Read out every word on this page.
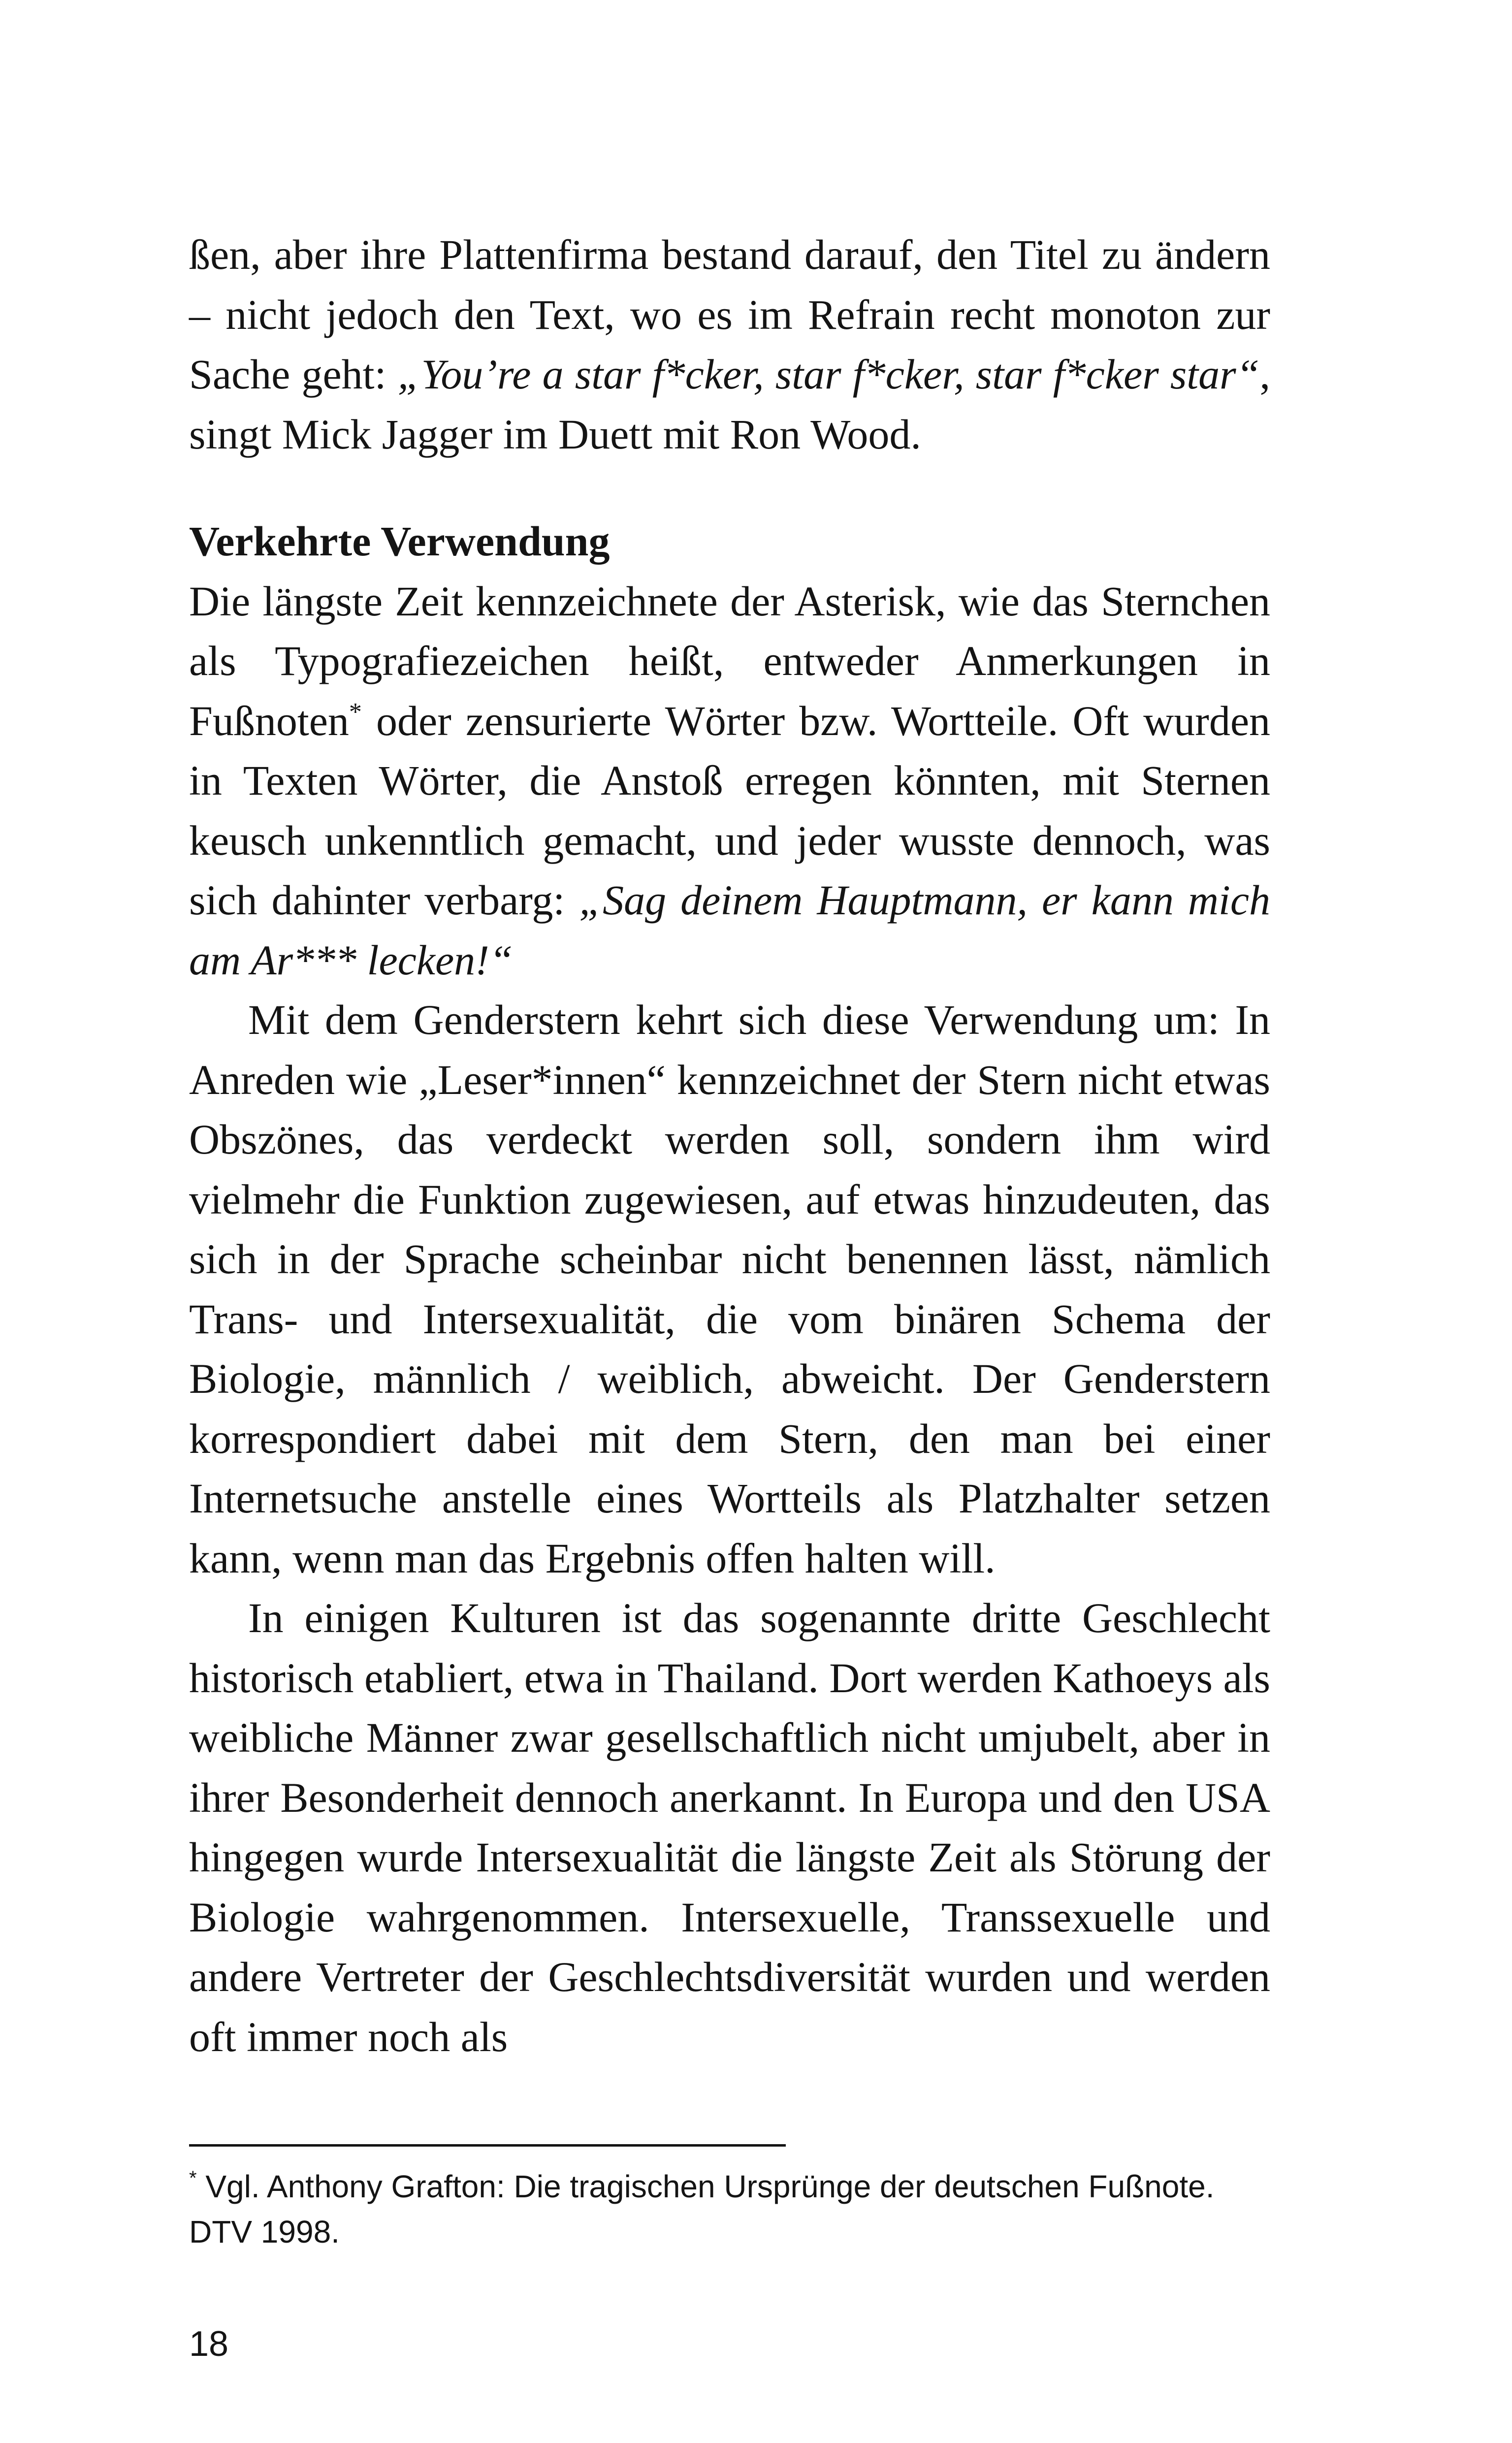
ßen, aber ihre Plattenfirma bestand darauf, den Titel zu ändern – nicht jedoch den Text, wo es im Refrain recht monoton zur Sache geht: „You’re a star f*cker, star f*cker, star f*cker star“, singt Mick Jagger im Duett mit Ron Wood.

Verkehrte Verwendung

Die längste Zeit kennzeichnete der Asterisk, wie das Sternchen als Typografiezeichen heißt, entweder Anmerkungen in Fußnoten* oder zensurierte Wörter bzw. Wortteile. Oft wurden in Texten Wörter, die Anstoß erregen könnten, mit Sternen keusch unkenntlich gemacht, und jeder wusste dennoch, was sich dahinter verbarg: „Sag deinem Hauptmann, er kann mich am Ar*** lecken!“

Mit dem Genderstern kehrt sich diese Verwendung um: In Anreden wie „Leser*innen“ kennzeichnet der Stern nicht etwas Obszönes, das verdeckt werden soll, sondern ihm wird vielmehr die Funktion zugewiesen, auf etwas hinzudeuten, das sich in der Sprache scheinbar nicht benennen lässt, nämlich Trans- und Intersexualität, die vom binären Schema der Biologie, männlich / weiblich, abweicht. Der Genderstern korrespondiert dabei mit dem Stern, den man bei einer Internetsuche anstelle eines Wortteils als Platzhalter setzen kann, wenn man das Ergebnis offen halten will.

In einigen Kulturen ist das sogenannte dritte Geschlecht historisch etabliert, etwa in Thailand. Dort werden Kathoeys als weibliche Männer zwar gesellschaftlich nicht umjubelt, aber in ihrer Besonderheit dennoch anerkannt. In Europa und den USA hingegen wurde Intersexualität die längste Zeit als Störung der Biologie wahrgenommen. Intersexuelle, Transsexuelle und andere Vertreter der Geschlechtsdiversität wurden und werden oft immer noch als

* Vgl. Anthony Grafton: Die tragischen Ursprünge der deutschen Fußnote. DTV 1998.
18
